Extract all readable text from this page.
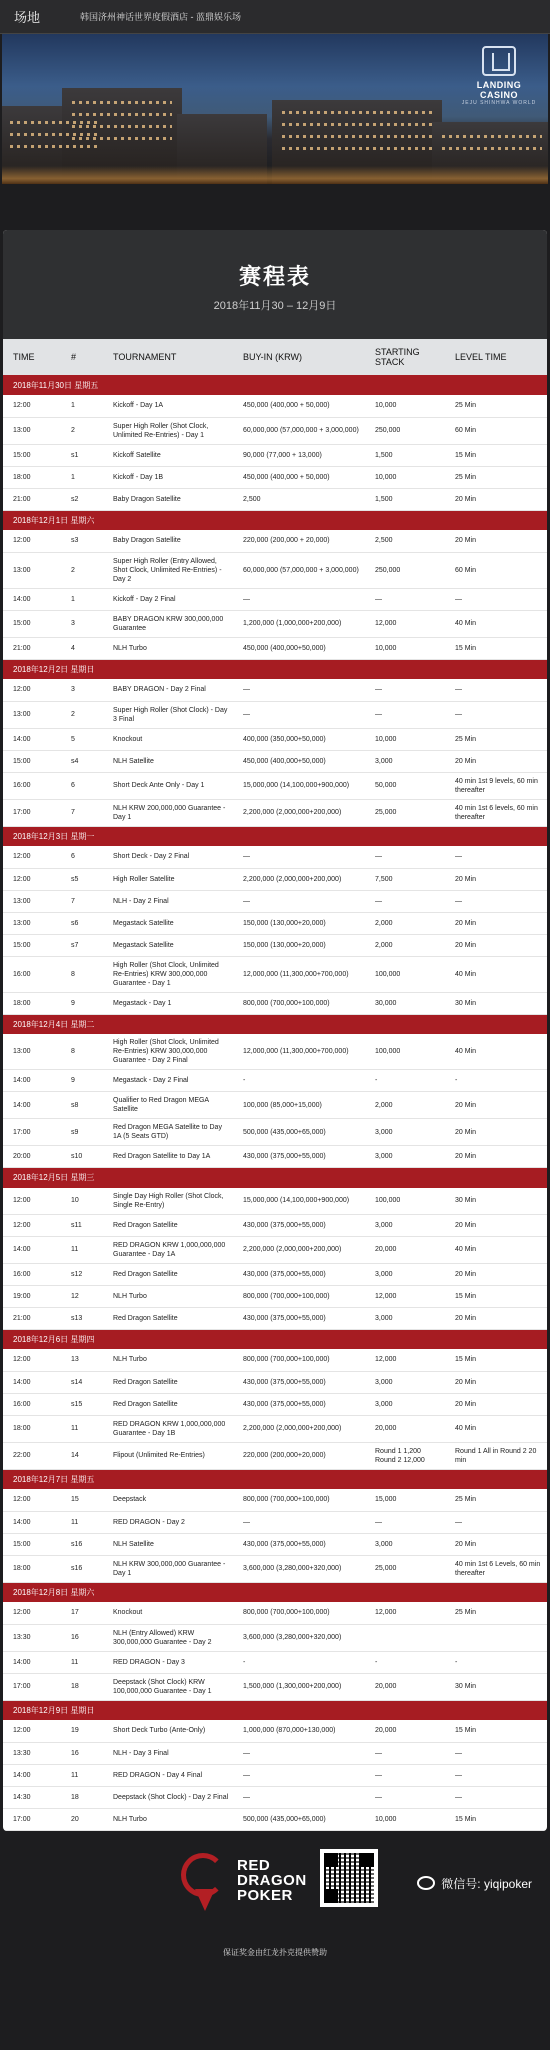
场地	韩国济州神话世界度假酒店 - 蓝鼎娱乐场
LANDING CASINO
JEJU SHINHWA WORLD
赛程表
2018年11月30 – 12月9日
TIME	#	TOURNAMENT	BUY-IN (KRW)	STARTING STACK	LEVEL TIME
2018年11月30日 星期五					
12:00	1	Kickoff - Day 1A	450,000 (400,000 + 50,000)	10,000	25 Min
13:00	2	Super High Roller (Shot Clock, Unlimited Re-Entries) - Day 1	60,000,000 (57,000,000 + 3,000,000)	250,000	60 Min
15:00	s1	Kickoff Satellite	90,000 (77,000 + 13,000)	1,500	15 Min
18:00	1	Kickoff - Day 1B	450,000 (400,000 + 50,000)	10,000	25 Min
21:00	s2	Baby Dragon Satellite	2,500	1,500	20 Min
2018年12月1日 星期六					
12:00	s3	Baby Dragon Satellite	220,000 (200,000 + 20,000)	2,500	20 Min
13:00	2	Super High Roller (Entry Allowed, Shot Clock, Unlimited Re-Entries) - Day 2	60,000,000 (57,000,000 + 3,000,000)	250,000	60 Min
14:00	1	Kickoff - Day 2 Final	—	—	—
15:00	3	BABY DRAGON KRW 300,000,000 Guarantee	1,200,000 (1,000,000+200,000)	12,000	40 Min
21:00	4	NLH Turbo	450,000 (400,000+50,000)	10,000	15 Min
2018年12月2日 星期日					
12:00	3	BABY DRAGON - Day 2 Final	—	—	—
13:00	2	Super High Roller (Shot Clock) - Day 3 Final	—	—	—
14:00	5	Knockout	400,000 (350,000+50,000)	10,000	25 Min
15:00	s4	NLH Satellite	450,000 (400,000+50,000)	3,000	20 Min
16:00	6	Short Deck Ante Only - Day 1	15,000,000 (14,100,000+900,000)	50,000	40 min 1st 9 levels, 60 min thereafter
17:00	7	NLH KRW 200,000,000 Guarantee - Day 1	2,200,000 (2,000,000+200,000)	25,000	40 min 1st 6 levels, 60 min thereafter
2018年12月3日 星期一					
12:00	6	Short Deck - Day 2 Final	—	—	—
12:00	s5	High Roller Satellite	2,200,000 (2,000,000+200,000)	7,500	20 Min
13:00	7	NLH - Day 2 Final	—	—	—
13:00	s6	Megastack Satellite	150,000 (130,000+20,000)	2,000	20 Min
15:00	s7	Megastack Satellite	150,000 (130,000+20,000)	2,000	20 Min
16:00	8	High Roller (Shot Clock, Unlimited Re-Entries) KRW 300,000,000 Guarantee - Day 1	12,000,000 (11,300,000+700,000)	100,000	40 Min
18:00	9	Megastack - Day 1	800,000 (700,000+100,000)	30,000	30 Min
2018年12月4日 星期二					
13:00	8	High Roller (Shot Clock, Unlimited Re-Entries) KRW 300,000,000 Guarantee - Day 2 Final	12,000,000 (11,300,000+700,000)	100,000	40 Min
14:00	9	Megastack - Day 2 Final	-	-	-
14:00	s8	Qualifier to Red Dragon MEGA Satellite	100,000 (85,000+15,000)	2,000	20 Min
17:00	s9	Red Dragon MEGA Satellite to Day 1A (5 Seats GTD)	500,000 (435,000+65,000)	3,000	20 Min
20:00	s10	Red Dragon Satellite to Day 1A	430,000 (375,000+55,000)	3,000	20 Min
2018年12月5日 星期三					
12:00	10	Single Day High Roller (Shot Clock, Single Re-Entry)	15,000,000 (14,100,000+900,000)	100,000	30 Min
12:00	s11	Red Dragon Satellite	430,000 (375,000+55,000)	3,000	20 Min
14:00	11	RED DRAGON KRW 1,000,000,000 Guarantee - Day 1A	2,200,000 (2,000,000+200,000)	20,000	40 Min
16:00	s12	Red Dragon Satellite	430,000 (375,000+55,000)	3,000	20 Min
19:00	12	NLH Turbo	800,000 (700,000+100,000)	12,000	15 Min
21:00	s13	Red Dragon Satellite	430,000 (375,000+55,000)	3,000	20 Min
2018年12月6日 星期四					
12:00	13	NLH Turbo	800,000 (700,000+100,000)	12,000	15 Min
14:00	s14	Red Dragon Satellite	430,000 (375,000+55,000)	3,000	20 Min
16:00	s15	Red Dragon Satellite	430,000 (375,000+55,000)	3,000	20 Min
18:00	11	RED DRAGON KRW 1,000,000,000 Guarantee - Day 1B	2,200,000 (2,000,000+200,000)	20,000	40 Min
22:00	14	Flipout (Unlimited Re-Entries)	220,000 (200,000+20,000)	Round 1 1,200 Round 2 12,000	Round 1 All in Round 2 20 min
2018年12月7日 星期五					
12:00	15	Deepstack	800,000 (700,000+100,000)	15,000	25 Min
14:00	11	RED DRAGON - Day 2	—	—	—
15:00	s16	NLH Satellite	430,000 (375,000+55,000)	3,000	20 Min
18:00	s16	NLH KRW 300,000,000 Guarantee - Day 1	3,600,000 (3,280,000+320,000)	25,000	40 min 1st 6 Levels, 60 min thereafter
2018年12月8日 星期六					
12:00	17	Knockout	800,000 (700,000+100,000)	12,000	25 Min
13:30	16	NLH (Entry Allowed) KRW 300,000,000 Guarantee - Day 2	3,600,000 (3,280,000+320,000)		
14:00	11	RED DRAGON - Day 3	-	-	-
17:00	18	Deepstack (Shot Clock) KRW 100,000,000 Guarantee - Day 1	1,500,000 (1,300,000+200,000)	20,000	30 Min
2018年12月9日 星期日					
12:00	19	Short Deck Turbo (Ante-Only)	1,000,000 (870,000+130,000)	20,000	15 Min
13:30	16	NLH - Day 3 Final	—	—	—
14:00	11	RED DRAGON - Day 4 Final	—	—	—
14:30	18	Deepstack (Shot Clock) - Day 2 Final	—	—	—
17:00	20	NLH Turbo	500,000 (435,000+65,000)	10,000	15 Min
RED
DRAGON
POKER
微信号: yiqipoker
保证奖金由红龙扑克提供赞助
